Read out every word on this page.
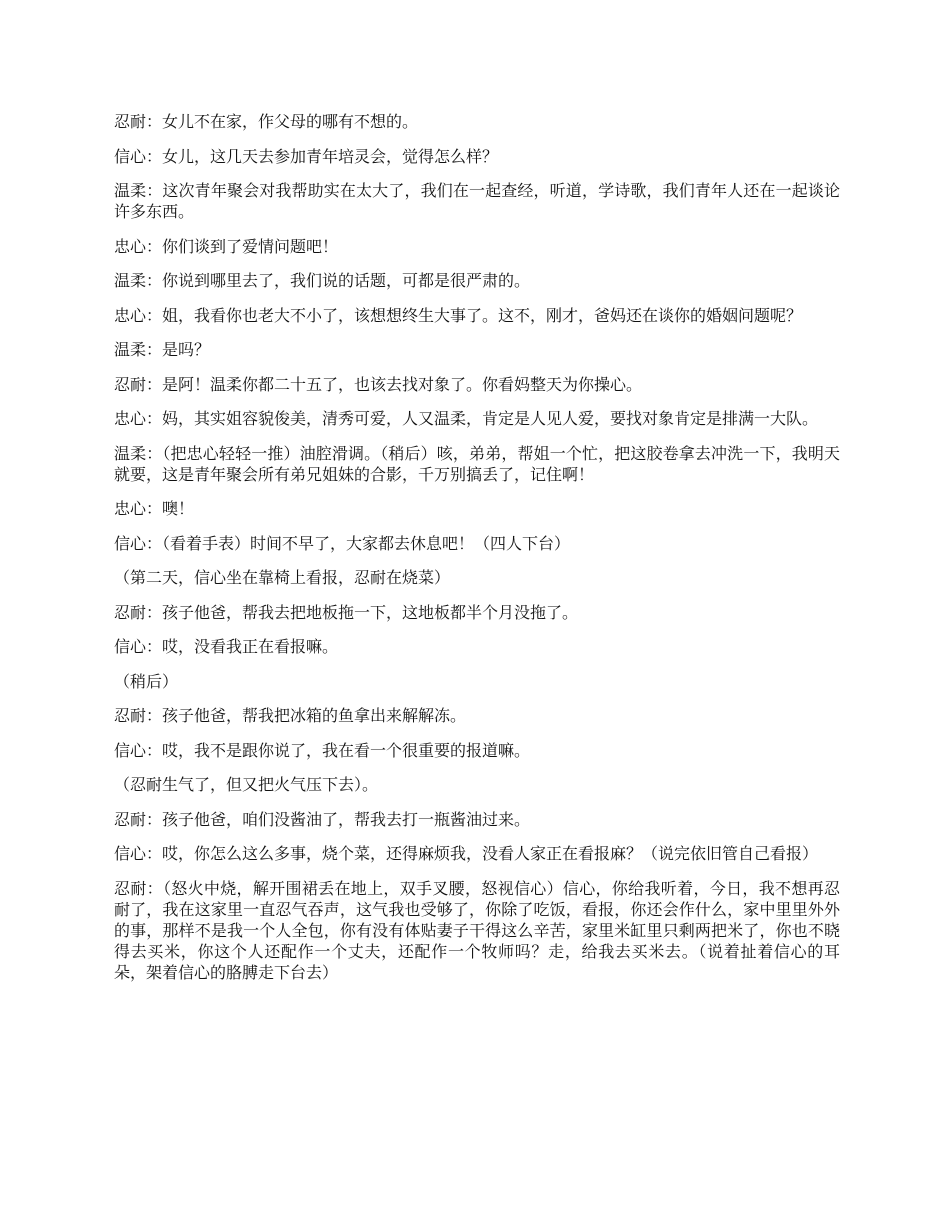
忍耐：女儿不在家，作父母的哪有不想的。

信心：女儿，这几天去参加青年培灵会，觉得怎么样？

温柔：这次青年聚会对我帮助实在太大了，我们在一起查经，听道，学诗歌，我们青年人还在一起谈论许多东西。

忠心：你们谈到了爱情问题吧！

温柔：你说到哪里去了，我们说的话题，可都是很严肃的。

忠心：姐，我看你也老大不小了，该想想终生大事了。这不，刚才，爸妈还在谈你的婚姻问题呢？

温柔：是吗？

忍耐：是阿！温柔你都二十五了，也该去找对象了。你看妈整天为你操心。

忠心：妈，其实姐容貌俊美，清秀可爱，人又温柔，肯定是人见人爱，要找对象肯定是排满一大队。

温柔：（把忠心轻轻一推）油腔滑调。（稍后）咳，弟弟，帮姐一个忙，把这胶卷拿去冲洗一下，我明天就要，这是青年聚会所有弟兄姐妹的合影，千万别搞丢了，记住啊！

忠心：噢！

信心：（看着手表）时间不早了，大家都去休息吧！（四人下台）

（第二天，信心坐在靠椅上看报，忍耐在烧菜）

忍耐：孩子他爸，帮我去把地板拖一下，这地板都半个月没拖了。

信心：哎，没看我正在看报嘛。

（稍后）

忍耐：孩子他爸，帮我把冰箱的鱼拿出来解解冻。

信心：哎，我不是跟你说了，我在看一个很重要的报道嘛。

（忍耐生气了，但又把火气压下去）。

忍耐：孩子他爸，咱们没酱油了，帮我去打一瓶酱油过来。

信心：哎，你怎么这么多事，烧个菜，还得麻烦我，没看人家正在看报麻？（说完依旧管自己看报）

忍耐：（怒火中烧，解开围裙丢在地上，双手叉腰，怒视信心）信心，你给我听着，今日，我不想再忍耐了，我在这家里一直忍气吞声，这气我也受够了，你除了吃饭，看报，你还会作什么，家中里里外外的事，那样不是我一个人全包，你有没有体贴妻子干得这么辛苦，家里米缸里只剩两把米了，你也不晓得去买米，你这个人还配作一个丈夫，还配作一个牧师吗？走，给我去买米去。（说着扯着信心的耳朵，架着信心的胳膊走下台去）
